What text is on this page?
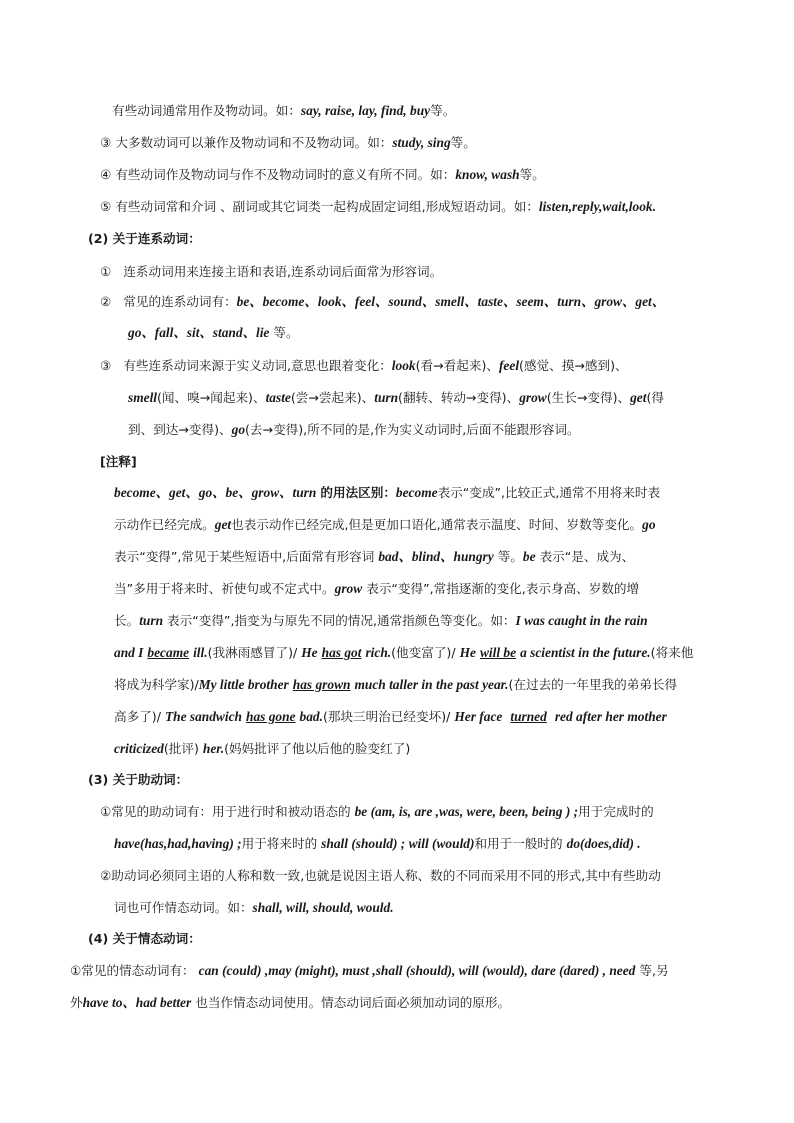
有些动词通常用作及物动词。如：say, raise, lay, find, buy等。
③ 大多数动词可以兼作及物动词和不及物动词。如：study, sing等。
④ 有些动词作及物动词与作不及物动词时的意义有所不同。如：know, wash等。
⑤ 有些动词常和介词 、副词或其它词类一起构成固定词组,形成短语动词。如：listen,reply,wait,look.
(2) 关于连系动词：
① 连系动词用来连接主语和表语,连系动词后面常为形容词。
② 常见的连系动词有：be、become、look、feel、sound、smell、taste、seem、turn、grow、get、
go、fall、sit、stand、lie 等。
③ 有些连系动词来源于实义动词,意思也跟着变化：look(看→看起来)、feel(感觉、摸→感到)、
smell(闻、嗅→闻起来)、taste(尝→尝起来)、turn(翻转、转动→变得)、grow(生长→变得)、get(得
到、到达→变得)、go(去→变得),所不同的是,作为实义动词时,后面不能跟形容词。
[注释]
become、get、go、be、grow、turn 的用法区别：become表示“变成”,比较正式,通常不用将来时表
示动作已经完成。get也表示动作已经完成,但是更加口语化,通常表示温度、时间、岁数等变化。go
表示“变得”,常见于某些短语中,后面常有形容词 bad、blind、hungry 等。be 表示“是、成为、
当”多用于将来时、祈使句或不定式中。grow 表示“变得”,常指逐渐的变化,表示身高、岁数的增
长。turn 表示“变得”,指变为与原先不同的情况,通常指颜色等变化。如：I was caught in the rain
and I became ill.(我淋雨感冒了)/ He has got rich.(他变富了)/ He will be a scientist in the future.(将来他
将成为科学家)/My little brother has grown much taller in the past year.(在过去的一年里我的弟弟长得
高多了)/ The sandwich has gone bad.(那块三明治已经变坏)/ Her face turned red after her mother
criticized(批评) her.(妈妈批评了他以后他的脸变红了)
(3) 关于助动词：
①常见的助动词有：用于进行时和被动语态的 be (am, is, are ,was, were, been, being ) ;用于完成时的
have(has,had,having) ;用于将来时的 shall (should) ; will (would)和用于一般时的 do(does,did) .
②助动词必须同主语的人称和数一致,也就是说因主语人称、数的不同而采用不同的形式,其中有些助动
词也可作情态动词。如：shall, will, should, would.
(4) 关于情态动词：
①常见的情态动词有： can (could) ,may (might), must ,shall (should), will (would), dare (dared) , need 等,另
外have to、had better 也当作情态动词使用。情态动词后面必须加动词的原形。
